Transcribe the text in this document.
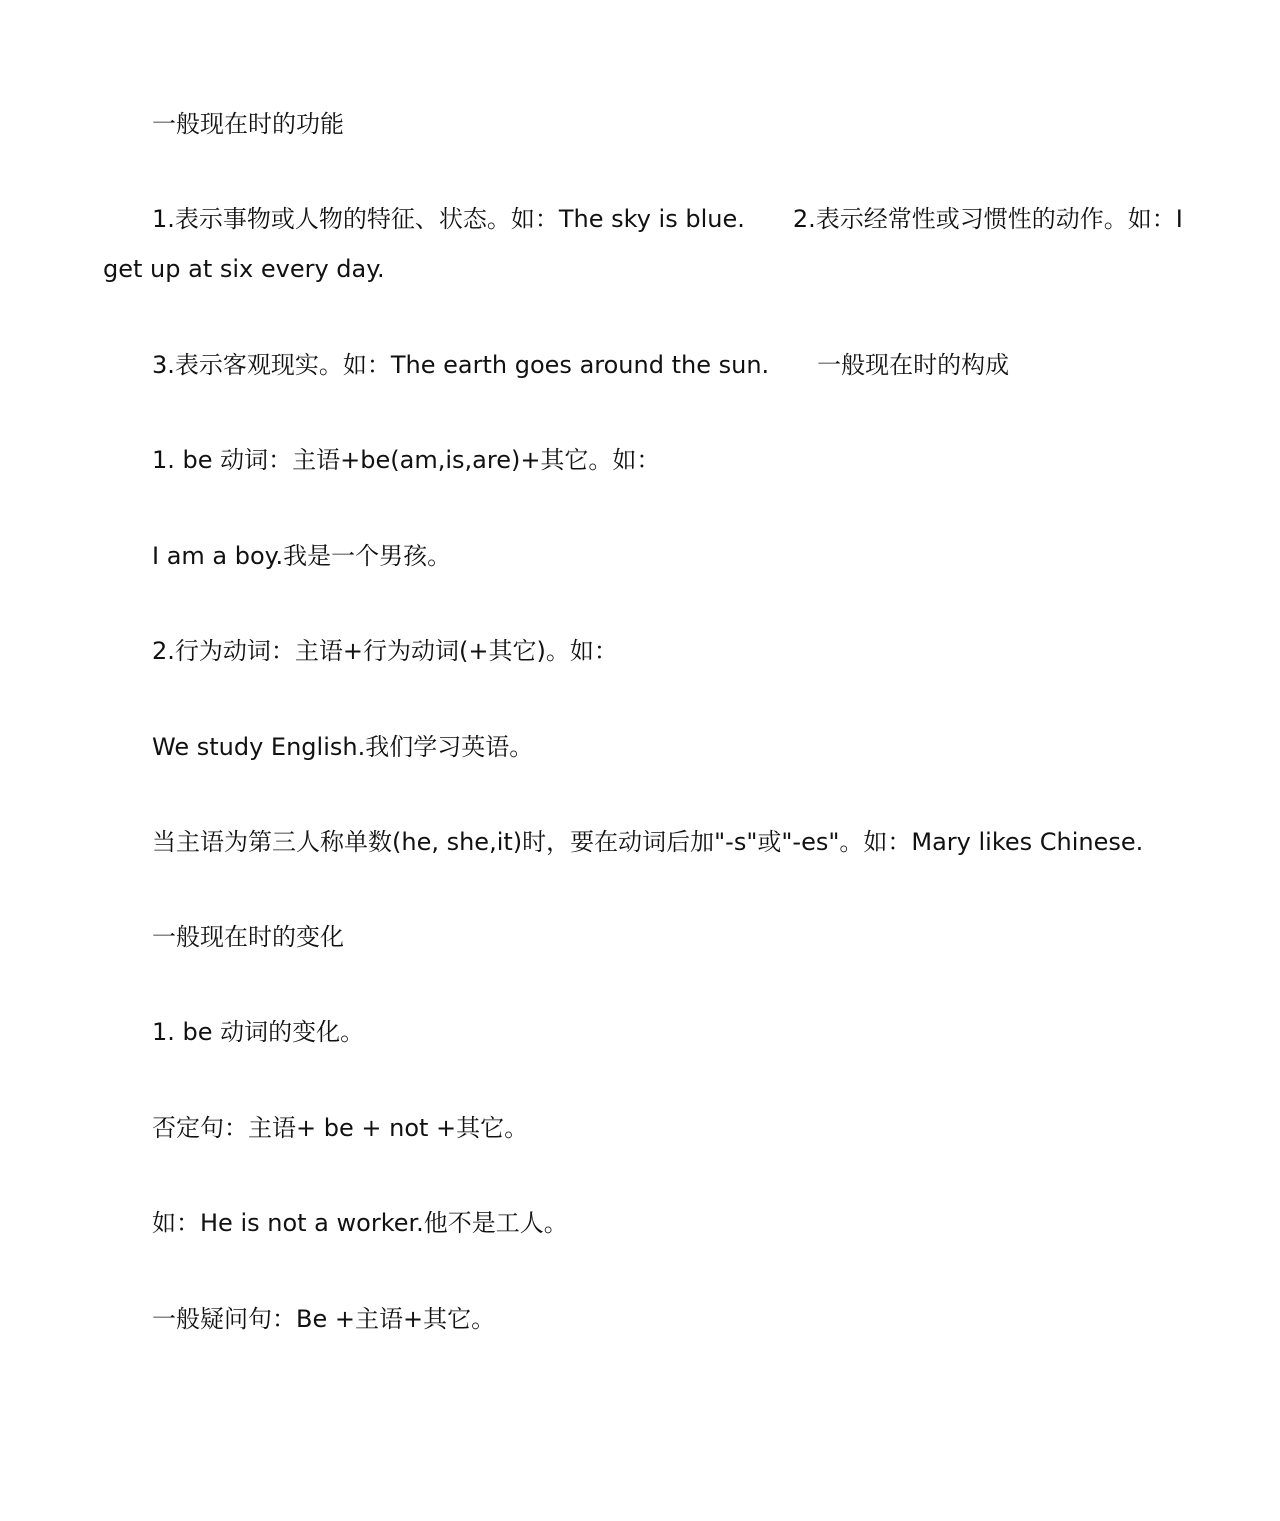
一般现在时的功能
1.表示事物或人物的特征、状态。如：The sky is blue. 2.表示经常性或习惯性的动作。如：I get up at six every day.
3.表示客观现实。如：The earth goes around the sun. 一般现在时的构成
1. be 动词：主语+be(am,is,are)+其它。如：
I am a boy.我是一个男孩。
2.行为动词：主语+行为动词(+其它)。如：
We study English.我们学习英语。
当主语为第三人称单数(he, she,it)时，要在动词后加"-s"或"-es"。如：Mary likes Chinese.
一般现在时的变化
1. be 动词的变化。
否定句：主语+ be + not +其它。
如：He is not a worker.他不是工人。
一般疑问句：Be +主语+其它。
